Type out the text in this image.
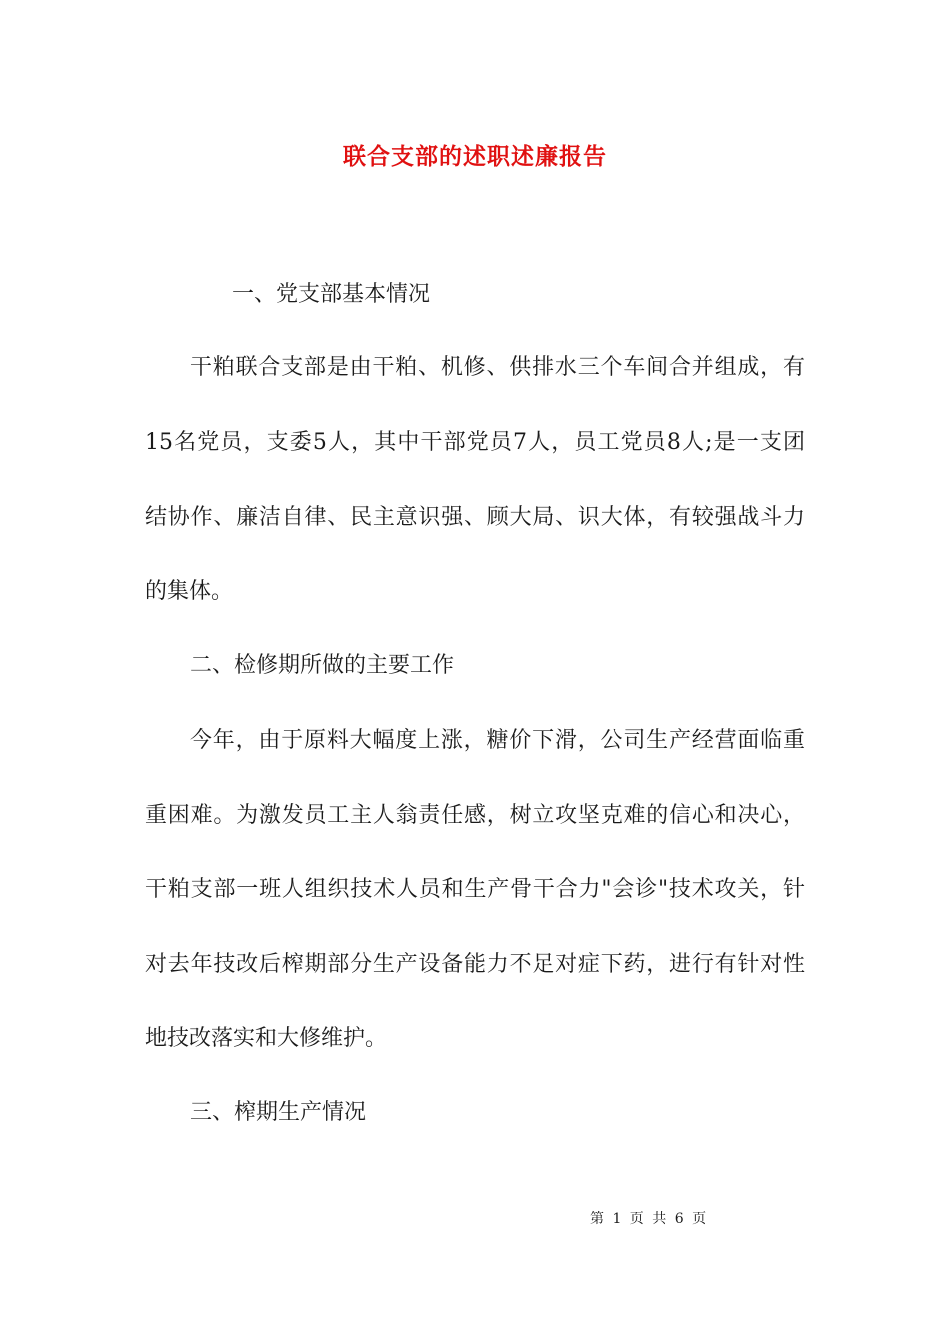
联合支部的述职述廉报告
一、党支部基本情况
干粕联合支部是由干粕、机修、供排水三个车间合并组成，有
15名党员，支委5人，其中干部党员7人，员工党员8人;是一支团
结协作、廉洁自律、民主意识强、顾大局、识大体，有较强战斗力
的集体。
二、检修期所做的主要工作
今年，由于原料大幅度上涨，糖价下滑，公司生产经营面临重
重困难。为激发员工主人翁责任感，树立攻坚克难的信心和决心，
干粕支部一班人组织技术人员和生产骨干合力"会诊"技术攻关，针
对去年技改后榨期部分生产设备能力不足对症下药，进行有针对性
地技改落实和大修维护。
三、榨期生产情况
第 1 页 共 6 页
